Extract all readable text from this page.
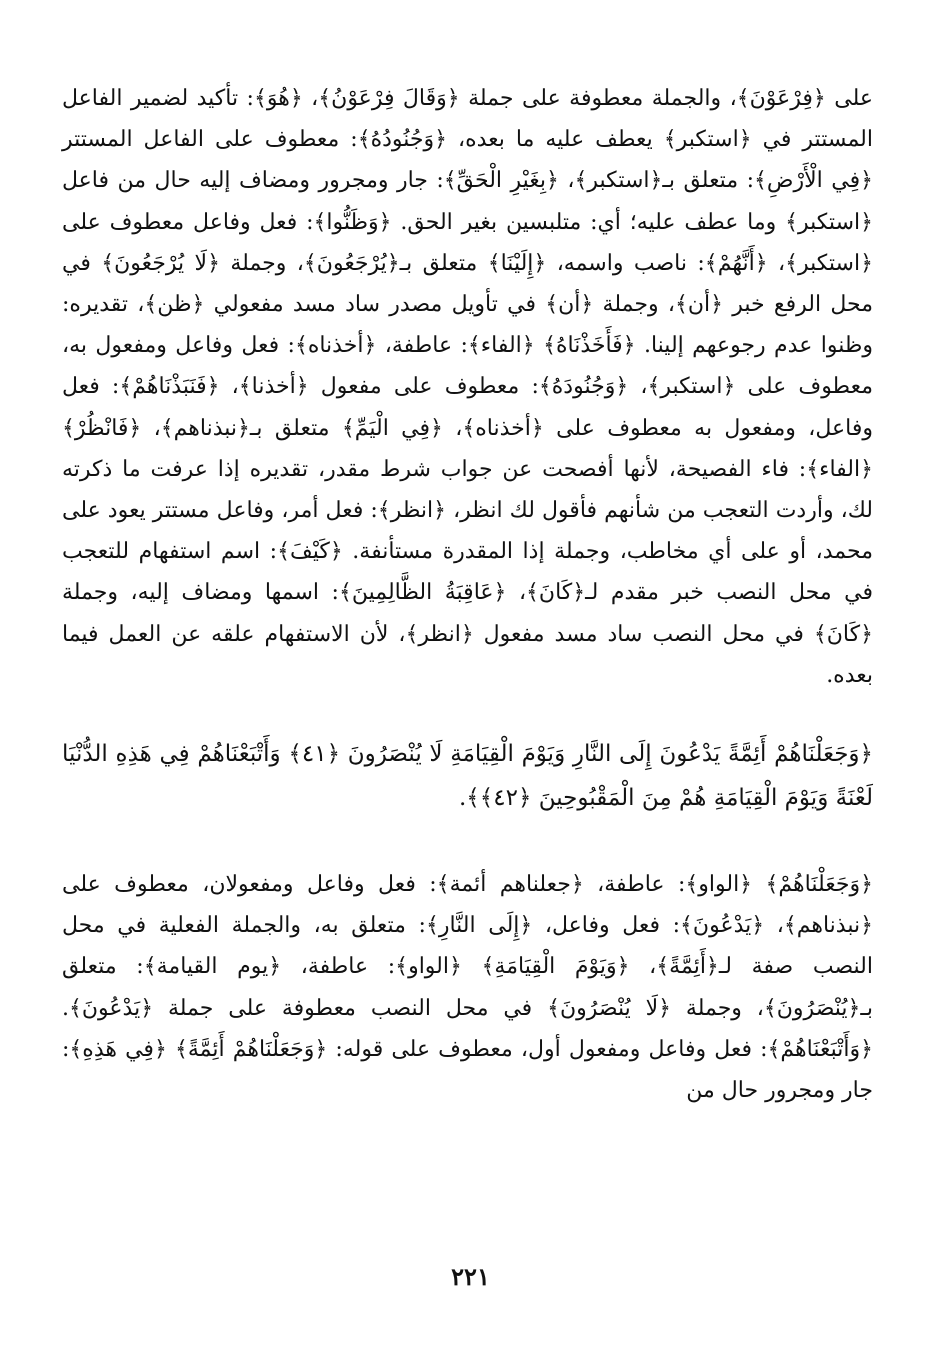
على ﴿فِرْعَوْنَ﴾، والجملة معطوفة على جملة ﴿وَقَالَ فِرْعَوْنُ﴾، ﴿هُوَ﴾: تأكيد لضمير الفاعل المستتر في ﴿استكبر﴾ يعطف عليه ما بعده، ﴿وَجُنُودُهُ﴾: معطوف على الفاعل المستتر ﴿فِي الْأَرْضِ﴾: متعلق بـ﴿استكبر﴾، ﴿بِغَيْرِ الْحَقِّ﴾: جار ومجرور ومضاف إليه حال من فاعل ﴿استكبر﴾ وما عطف عليه؛ أي: متلبسين بغير الحق. ﴿وَظَنُّوا﴾: فعل وفاعل معطوف على ﴿استكبر﴾، ﴿أَنَّهُمْ﴾: ناصب واسمه، ﴿إِلَيْنَا﴾ متعلق بـ﴿يُرْجَعُونَ﴾، وجملة ﴿لَا يُرْجَعُونَ﴾ في محل الرفع خبر ﴿أن﴾، وجملة ﴿أن﴾ في تأويل مصدر ساد مسد مفعولي ﴿ظن﴾، تقديره: وظنوا عدم رجوعهم إلينا. ﴿فَأَخَذْنَاهُ﴾ ﴿الفاء﴾: عاطفة، ﴿أخذناه﴾: فعل وفاعل ومفعول به، معطوف على ﴿استكبر﴾، ﴿وَجُنُودَهُ﴾: معطوف على مفعول ﴿أخذنا﴾، ﴿فَنَبَذْنَاهُمْ﴾: فعل وفاعل، ومفعول به معطوف على ﴿أخذناه﴾، ﴿فِي الْيَمِّ﴾ متعلق بـ﴿نبذناهم﴾، ﴿فَانْظُرْ﴾ ﴿الفاء﴾: فاء الفصيحة، لأنها أفصحت عن جواب شرط مقدر، تقديره إذا عرفت ما ذكرته لك، وأردت التعجب من شأنهم فأقول لك انظر، ﴿انظر﴾: فعل أمر، وفاعل مستتر يعود على محمد، أو على أي مخاطب، وجملة إذا المقدرة مستأنفة. ﴿كَيْفَ﴾: اسم استفهام للتعجب في محل النصب خبر مقدم لـ﴿كَانَ﴾، ﴿عَاقِبَةُ الظَّالِمِينَ﴾: اسمها ومضاف إليه، وجملة ﴿كَانَ﴾ في محل النصب ساد مسد مفعول ﴿انظر﴾، لأن الاستفهام علقه عن العمل فيما بعده.

﴿وَجَعَلْنَاهُمْ أَئِمَّةً يَدْعُونَ إِلَى النَّارِ وَيَوْمَ الْقِيَامَةِ لَا يُنْصَرُونَ ﴿٤١﴾ وَأَتْبَعْنَاهُمْ فِي هَذِهِ الدُّنْيَا لَعْنَةً وَيَوْمَ الْقِيَامَةِ هُمْ مِنَ الْمَقْبُوحِينَ ﴿٤٢﴾﴾.

﴿وَجَعَلْنَاهُمْ﴾ ﴿الواو﴾: عاطفة، ﴿جعلناهم أئمة﴾: فعل وفاعل ومفعولان، معطوف على ﴿نبذناهم﴾، ﴿يَدْعُونَ﴾: فعل وفاعل، ﴿إِلَى النَّارِ﴾: متعلق به، والجملة الفعلية في محل النصب صفة لـ﴿أَئِمَّةً﴾، ﴿وَيَوْمَ الْقِيَامَةِ﴾ ﴿الواو﴾: عاطفة، ﴿يوم القيامة﴾: متعلق بـ﴿يُنْصَرُونَ﴾، وجملة ﴿لَا يُنْصَرُونَ﴾ في محل النصب معطوفة على جملة ﴿يَدْعُونَ﴾. ﴿وَأَتْبَعْنَاهُمْ﴾: فعل وفاعل ومفعول أول، معطوف على قوله: ﴿وَجَعَلْنَاهُمْ أَئِمَّةً﴾ ﴿فِي هَذِهِ﴾: جار ومجرور حال من

٢٢١
